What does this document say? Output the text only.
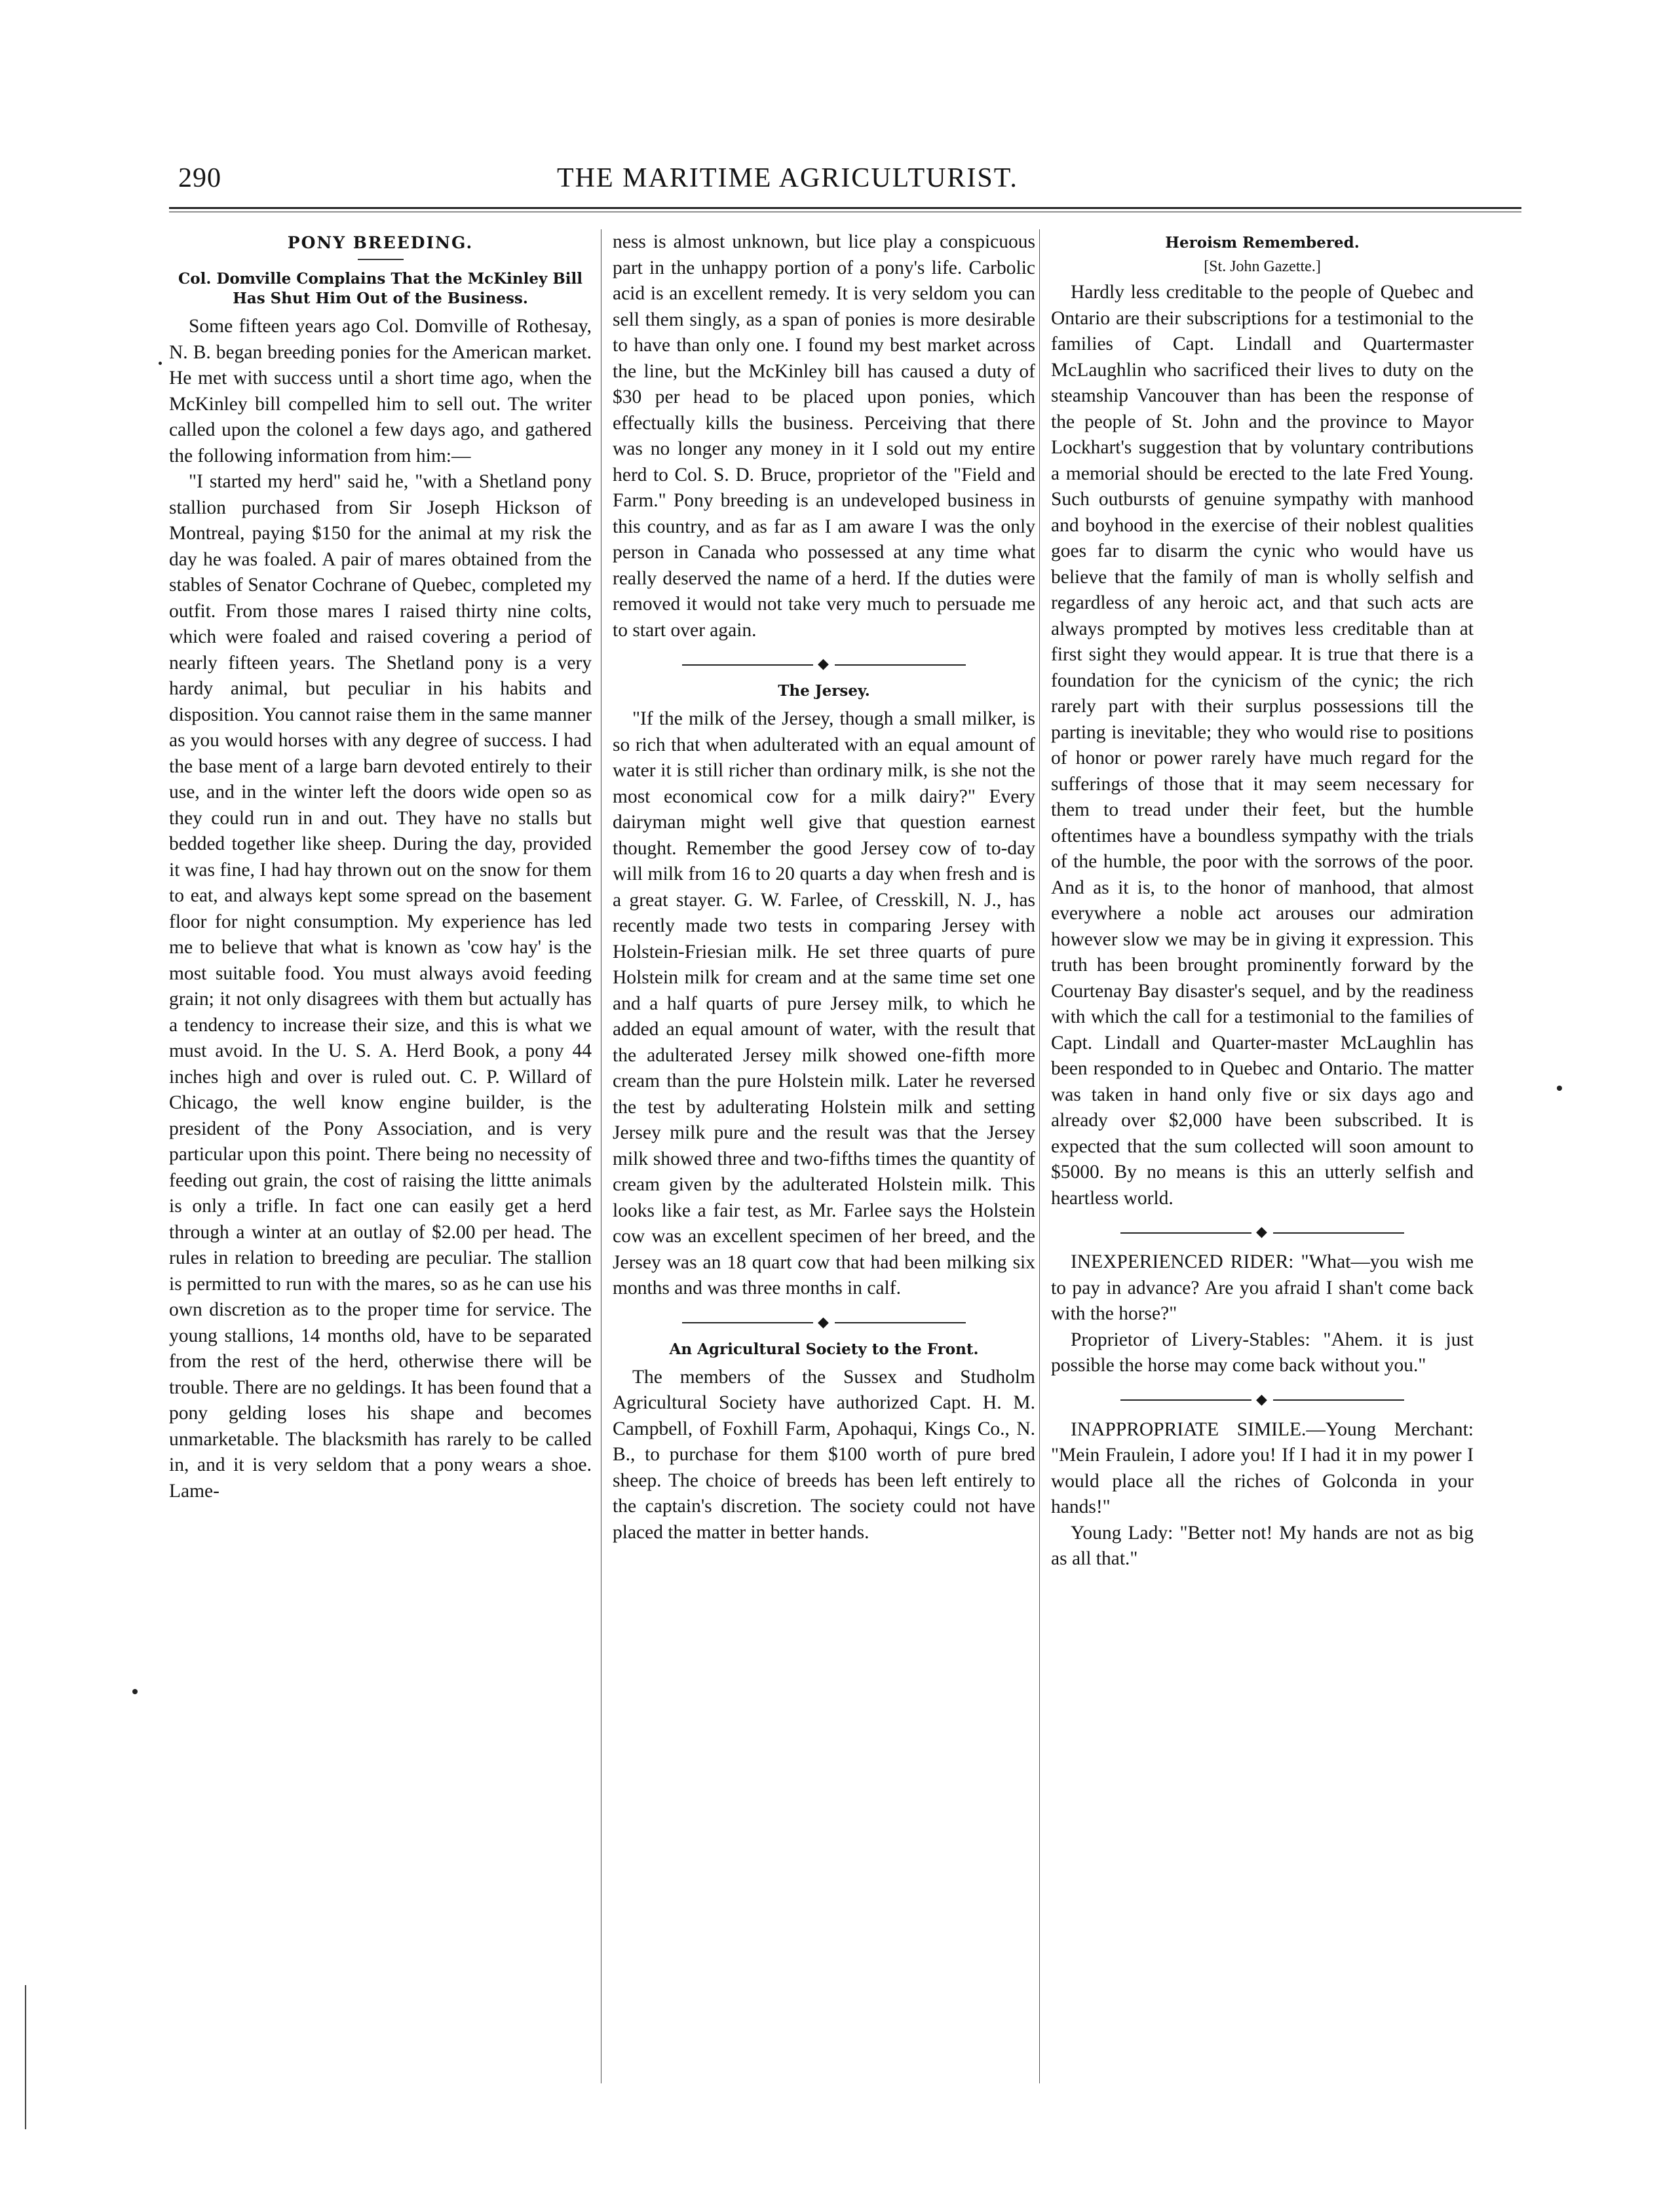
290	THE MARITIME AGRICULTURIST.
PONY BREEDING.
Col. Domville Complains That the McKinley Bill Has Shut Him Out of the Business.

Some fifteen years ago Col. Domville of Rothesay, N. B. began breeding ponies for the American market. He met with success until a short time ago, when the McKinley bill compelled him to sell out. The writer called upon the colonel a few days ago, and gathered the following information from him:—

"I started my herd" said he, "with a Shetland pony stallion purchased from Sir Joseph Hickson of Montreal, paying $150 for the animal at my risk the day he was foaled. A pair of mares obtained from the stables of Senator Cochrane of Quebec, completed my outfit. From those mares I raised thirty nine colts, which were foaled and raised covering a period of nearly fifteen years. The Shetland pony is a very hardy animal, but peculiar in his habits and disposition. You cannot raise them in the same manner as you would horses with any degree of success. I had the base ment of a large barn devoted entirely to their use, and in the winter left the doors wide open so as they could run in and out. They have no stalls but bedded together like sheep. During the day, provided it was fine, I had hay thrown out on the snow for them to eat, and always kept some spread on the basement floor for night consumption. My experience has led me to believe that what is known as 'cow hay' is the most suitable food. You must always avoid feeding grain; it not only disagrees with them but actually has a tendency to increase their size, and this is what we must avoid. In the U. S. A. Herd Book, a pony 44 inches high and over is ruled out. C. P. Willard of Chicago, the well know engine builder, is the president of the Pony Association, and is very particular upon this point. There being no necessity of feeding out grain, the cost of raising the littte animals is only a trifle. In fact one can easily get a herd through a winter at an outlay of $2.00 per head. The rules in relation to breeding are peculiar. The stallion is permitted to run with the mares, so as he can use his own discretion as to the proper time for service. The young stallions, 14 months old, have to be separated from the rest of the herd, otherwise there will be trouble. There are no geldings. It has been found that a pony gelding loses his shape and becomes unmarketable. The blacksmith has rarely to be called in, and it is very seldom that a pony wears a shoe. Lame-

ness is almost unknown, but lice play a conspicuous part in the unhappy portion of a pony's life. Carbolic acid is an excellent remedy. It is very seldom you can sell them singly, as a span of ponies is more desirable to have than only one. I found my best market across the line, but the McKinley bill has caused a duty of $30 per head to be placed upon ponies, which effectually kills the business. Perceiving that there was no longer any money in it I sold out my entire herd to Col. S. D. Bruce, proprietor of the "Field and Farm." Pony breeding is an undeveloped business in this country, and as far as I am aware I was the only person in Canada who possessed at any time what really deserved the name of a herd. If the duties were removed it would not take very much to persuade me to start over again.

◆
The Jersey.

"If the milk of the Jersey, though a small milker, is so rich that when adulterated with an equal amount of water it is still richer than ordinary milk, is she not the most economical cow for a milk dairy?" Every dairyman might well give that question earnest thought. Remember the good Jersey cow of to-day will milk from 16 to 20 quarts a day when fresh and is a great stayer. G. W. Farlee, of Cresskill, N. J., has recently made two tests in comparing Jersey with Holstein-Friesian milk. He set three quarts of pure Holstein milk for cream and at the same time set one and a half quarts of pure Jersey milk, to which he added an equal amount of water, with the result that the adulterated Jersey milk showed one-fifth more cream than the pure Holstein milk. Later he reversed the test by adulterating Holstein milk and setting Jersey milk pure and the result was that the Jersey milk showed three and two-fifths times the quantity of cream given by the adulterated Holstein milk. This looks like a fair test, as Mr. Farlee says the Holstein cow was an excellent specimen of her breed, and the Jersey was an 18 quart cow that had been milking six months and was three months in calf.

◆
An Agricultural Society to the Front.

The members of the Sussex and Studholm Agricultural Society have authorized Capt. H. M. Campbell, of Foxhill Farm, Apohaqui, Kings Co., N. B., to purchase for them $100 worth of pure bred sheep. The choice of breeds has been left entirely to the captain's discretion. The society could not have placed the matter in better hands.

Heroism Remembered.
[St. John Gazette.]

Hardly less creditable to the people of Quebec and Ontario are their subscriptions for a testimonial to the families of Capt. Lindall and Quartermaster McLaughlin who sacrificed their lives to duty on the steamship Vancouver than has been the response of the people of St. John and the province to Mayor Lockhart's suggestion that by voluntary contributions a memorial should be erected to the late Fred Young. Such outbursts of genuine sympathy with manhood and boyhood in the exercise of their noblest qualities goes far to disarm the cynic who would have us believe that the family of man is wholly selfish and regardless of any heroic act, and that such acts are always prompted by motives less creditable than at first sight they would appear. It is true that there is a foundation for the cynicism of the cynic; the rich rarely part with their surplus possessions till the parting is inevitable; they who would rise to positions of honor or power rarely have much regard for the sufferings of those that it may seem necessary for them to tread under their feet, but the humble oftentimes have a boundless sympathy with the trials of the humble, the poor with the sorrows of the poor. And as it is, to the honor of manhood, that almost everywhere a noble act arouses our admiration however slow we may be in giving it expression. This truth has been brought prominently forward by the Courtenay Bay disaster's sequel, and by the readiness with which the call for a testimonial to the families of Capt. Lindall and Quarter-master McLaughlin has been responded to in Quebec and Ontario. The matter was taken in hand only five or six days ago and already over $2,000 have been subscribed. It is expected that the sum collected will soon amount to $5000. By no means is this an utterly selfish and heartless world.

◆

INEXPERIENCED RIDER: "What—you wish me to pay in advance? Are you afraid I shan't come back with the horse?"

Proprietor of Livery-Stables: "Ahem. it is just possible the horse may come back without you."

◆

INAPPROPRIATE SIMILE.—Young Merchant: "Mein Fraulein, I adore you! If I had it in my power I would place all the riches of Golconda in your hands!"

Young Lady: "Better not! My hands are not as big as all that."
